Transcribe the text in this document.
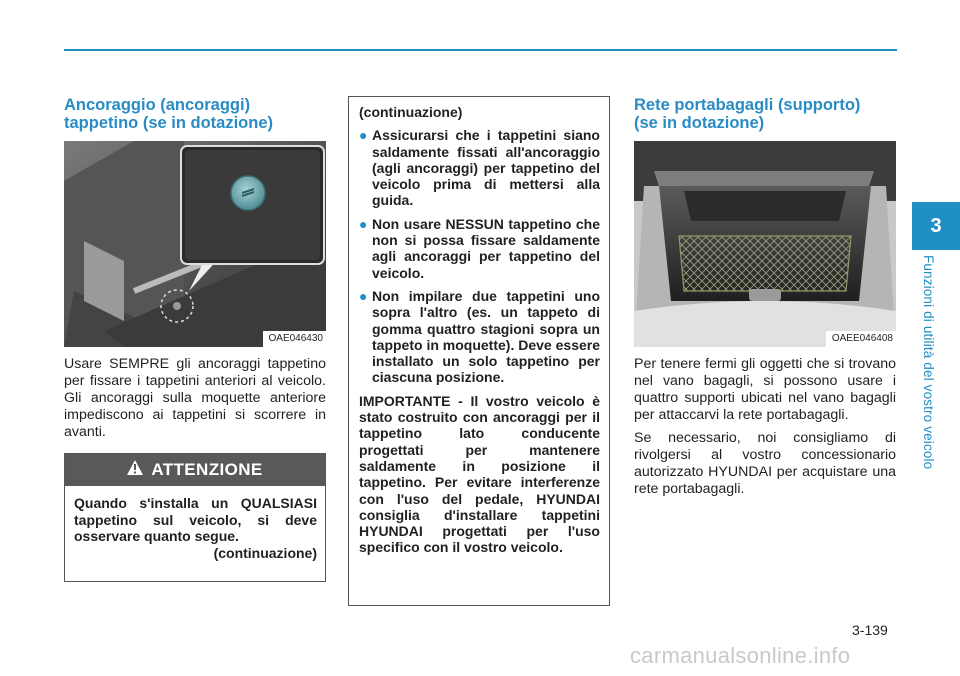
3
Funzioni di utilità del vostro veicolo
Ancoraggio (ancoraggi)
tappetino (se in dotazione)
OAE046430

Usare SEMPRE gli ancoraggi tappetino per fissare i tappetini anteriori al veicolo. Gli ancoraggi sulla moquette anteriore impediscono ai tappetini si scorrere in avanti.

ATTENZIONE
Quando s'installa un QUALSIASI tappetino sul veicolo, si deve osservare quanto segue.
(continuazione)

(continuazione)

● Assicurarsi che i tappetini siano saldamente fissati all'ancoraggio (agli ancoraggi) per tappetino del veicolo prima di mettersi alla guida.
● Non usare NESSUN tappetino che non si possa fissare saldamente agli ancoraggi per tappetino del veicolo.
● Non impilare due tappetini uno sopra l'altro (es. un tappeto di gomma quattro stagioni sopra un tappeto in moquette). Deve essere installato un solo tappetino per ciascuna posizione.

IMPORTANTE - Il vostro veicolo è stato costruito con ancoraggi per il tappetino lato conducente progettati per mantenere saldamente in posizione il tappetino. Per evitare interferenze con l'uso del pedale, HYUNDAI consiglia d'installare tappetini HYUNDAI progettati per l'uso specifico con il vostro veicolo.

Rete portabagagli (supporto)
(se in dotazione)
OAEE046408

Per tenere fermi gli oggetti che si trovano nel vano bagagli, si possono usare i quattro supporti ubicati nel vano bagagli per attaccarvi la rete portabagagli.

Se necessario, noi consigliamo di rivolgersi al vostro concessionario autorizzato HYUNDAI per acquistare una rete portabagagli.

3-139
carmanualsonline.info
